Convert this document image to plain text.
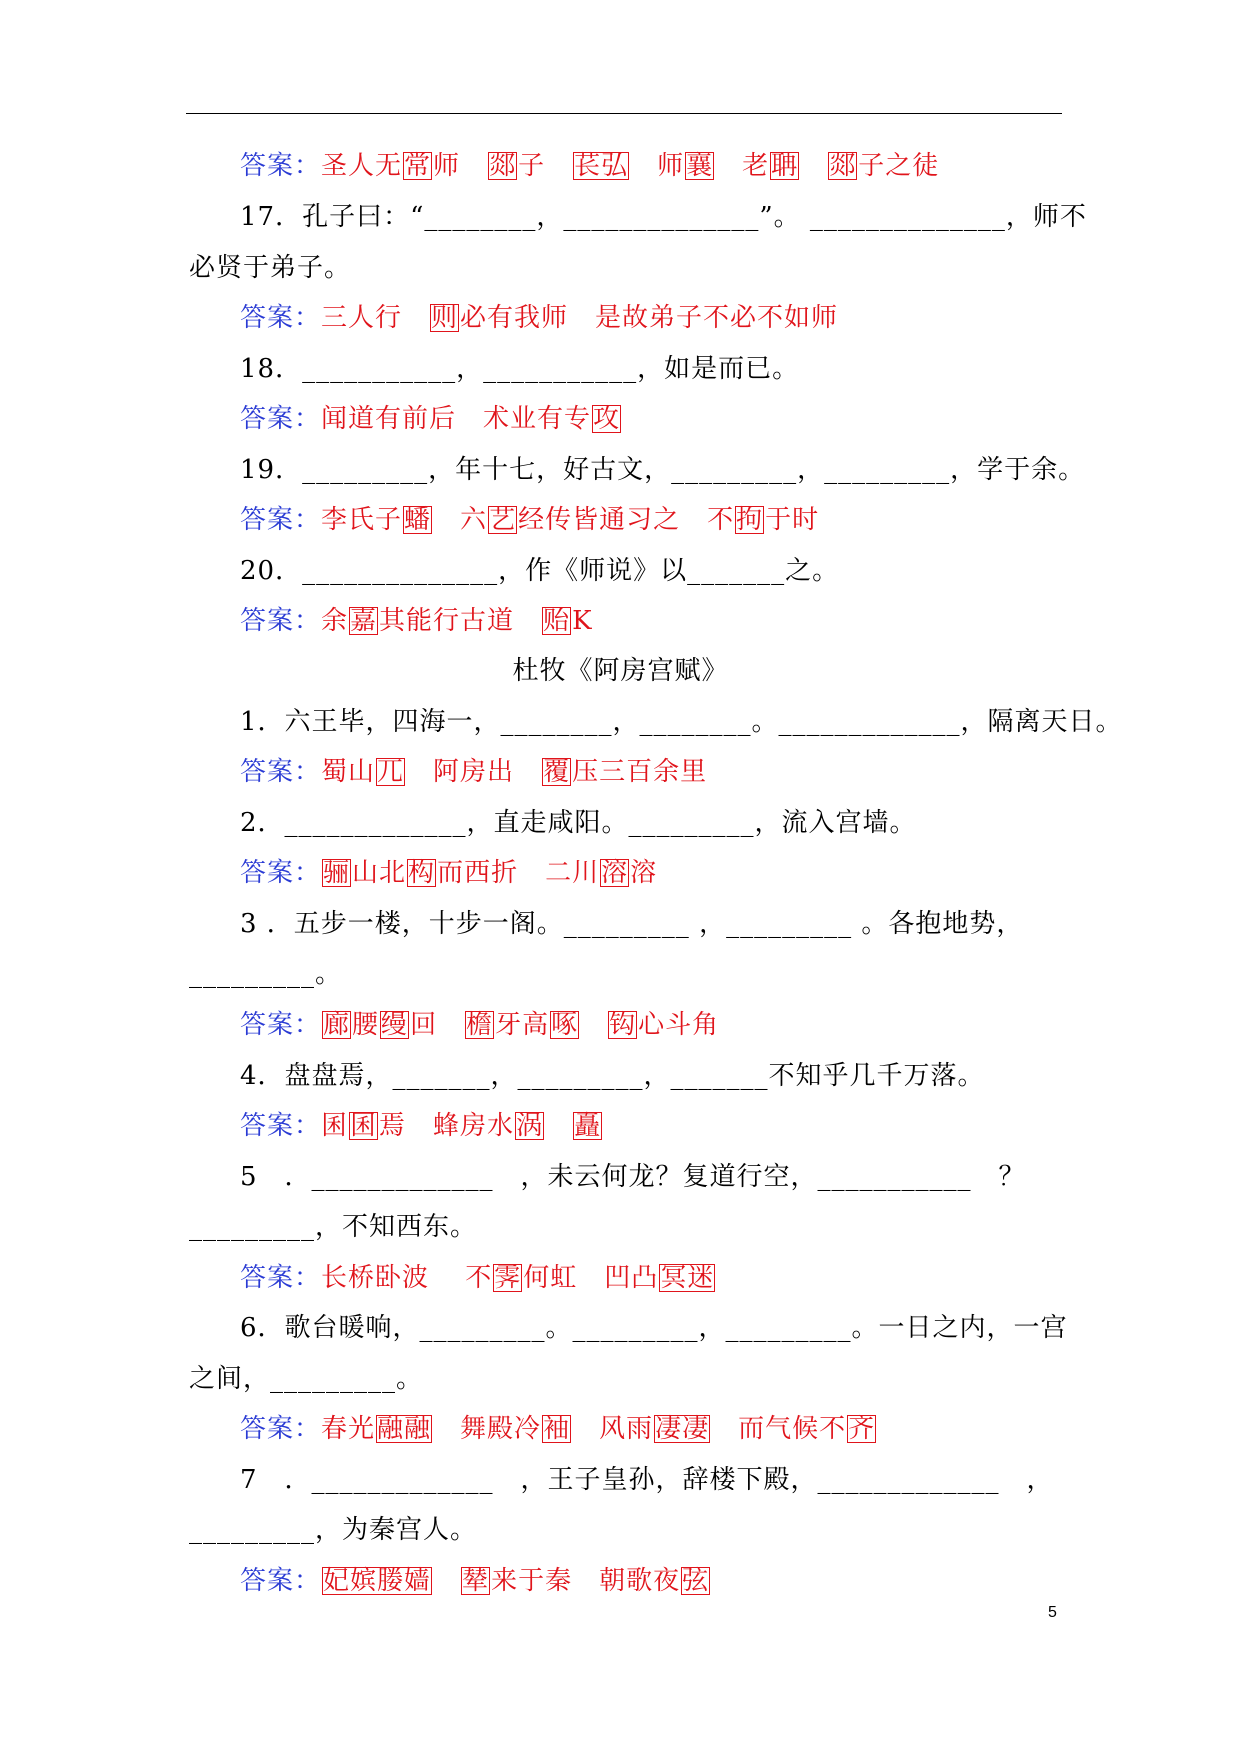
答案：圣人无常师　郯子　苌弘　师襄　老聃　 郯子之徒
17．孔子曰：“________，______________”。 ______________，师不
必贤于弟子。
答案：三人行　则必有我师　是故弟子不必不如师
18．___________，___________，如是而已。
答案：闻道有前后　术业有专攻
19．_________，年十七，好古文，_________，_________，学于余。
答案：李氏子蟠　六艺经传皆通习之　不拘于时
20．______________，作《师说》以_______之。
答案：余嘉其能行古道　贻K
杜牧《阿房宫赋》
1．六王毕，四海一，________，________。_____________，隔离天日。
答案：蜀山兀　阿房出　覆压三百余里
2．_____________，直走咸阳。_________，流入宫墙。
答案：骊山北构而西折　二川溶溶
3 ．五步一楼，十步一阁。_________ ，_________ 。各抱地势，
_________。
答案：廊腰缦回　檐牙高啄　 钩心斗角
4．盘盘焉，_______，_________，_______不知乎几千万落。
答案：囷囷焉　蜂房水涡　 矗
5　．_____________　，未云何龙？复道行空，___________　？
_________，不知西东。
答案：长桥卧波　 不霁何虹　凹凸冥迷
6．歌台暖响，_________。_________，_________。一日之内，一宫
之间，_________。
答案：春光融融　舞殿冷袖　风雨凄凄　而气候不齐
7　．_____________　，王子皇孙，辞楼下殿，_____________　，
_________，为秦宫人。
答案：妃嫔媵嫱　 辇来于秦　朝歌夜弦
5
